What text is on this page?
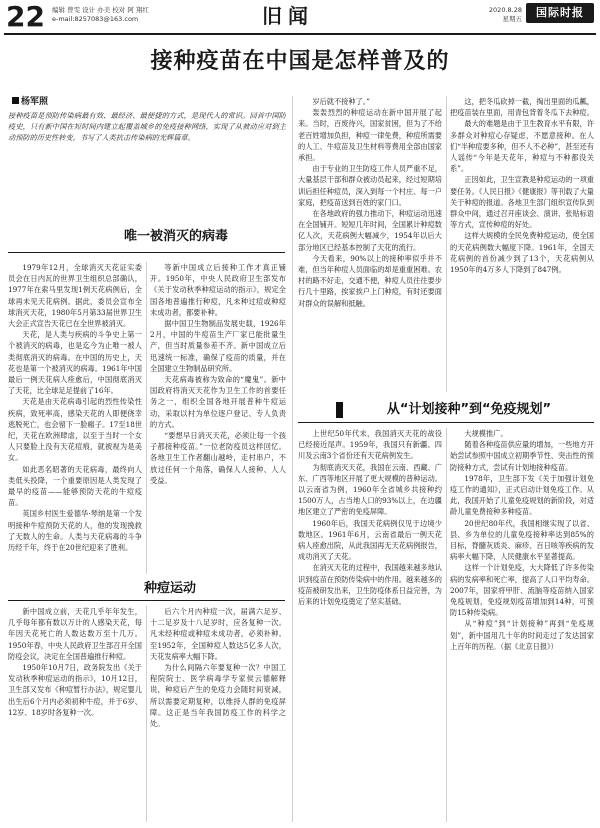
22 编辑 曾雯 设计 办美 校对 阿 翔红
e-mail:8257083@163.com	旧闻	2020.8.28
星期五	国际时报
接种疫苗在中国是怎样普及的
杨军照
接种疫苗是预防传染病最有效、最经济、最便捷的方式，是现代人的常识。回首中国防疫史，只有新中国在短时间内建立起覆盖城乡的免疫接种网络，实现了从被动应对到主动预防的历史性转变，书写了人类抗击传染病的光辉篇章。
唯一被消灭的病毒

1979年12月，全球消灭天花证实委员会在日内瓦的世界卫生组织总部确认，1977年在索马里发现1例天花病例后，全球再未见天花病例。据此，委员会宣布全球消灭天花，1980年5月第33届世界卫生大会正式宣告天花已在全世界被消灭。

天花，是人类与疾病的斗争史上第一个被消灭的病毒，也是迄今为止唯一被人类彻底消灭的病毒。在中国的历史上，天花也是第一个被消灭的病毒。1961年中国最后一例天花病人痊愈后，中国彻底消灭了天花，比全球足足提前了16年。

天花是由天花病毒引起的烈性传染性疾病，致死率高，感染天花的人即便侥幸逃脱死亡，也会留下一脸瘢子。17至18世纪，天花在欧洲肆虐，以至于当时一个女人只要脸上没有天花痘痕，就被视为是美女。

如此恶名昭著的天花病毒，最终向人类低头投降，一个重要原因是人类发现了最早的疫苗——能够预防天花的牛痘疫苗。

英国乡村医生爱德华·琴纳是第一个发明接种牛痘预防天花的人，他的发现挽救了无数人的生命。人类与天花病毒的斗争历经千年，终于在20世纪迎来了胜利。

等新中国成立后接种工作才真正铺开。1950年，中央人民政府卫生部发布《关于发动秋季种痘运动的指示》，规定全国各地普遍推行种痘，凡未种过痘或种痘未成功者，都要补种。

据中国卫生物制品发展史载，1926年2月，中国的牛痘苗生产厂家已能批量生产，但当时质量参差不齐。新中国成立后迅速统一标准，确保了疫苗的质量，并在全国建立生物制品研究所。

天花病毒被称为致命的“魔鬼”。新中国政府将消灭天花作为卫生工作的首要任务之一，组织全国各地开展普种牛痘运动，采取以村为单位逐户登记、专人负责的方式。

“要想早日消灭天花，必须让每一个孩子都接种疫苗。”一位老防疫员这样回忆。各地卫生工作者翻山越岭，走村串户，不放过任何一个角落，确保人人接种、人人受益。

种痘运动

新中国成立前，天花几乎年年发生，几乎每年都有数以万计的人感染天花，每年因天花死亡的人数达数万至十几万。1950年春，中央人民政府卫生部召开全国防疫会议，决定在全国普遍推行种痘。

1950年10月7日，政务院发出《关于发动秋季种痘运动的指示》，10月12日，卫生部又发布《种痘暂行办法》，规定婴儿出生后6个月内必须初种牛痘，并于6岁、12岁、18岁时各复种一次。

后六个月内种痘一次，届满六足岁、十二足岁及十八足岁时，应各复种一次。凡未经种痘或种痘未成功者，必须补种。至1952年，全国种痘人数达5亿多人次，天花发病率大幅下降。

为什么间隔六年要复种一次？中国工程院院士、医学病毒学专家侯云德解释说，种痘后产生的免疫力会随时间衰减，所以需要定期复种，以维持人群的免疫屏障。这正是当年我国防疫工作的科学之处。

岁后就不接种了。”

轰轰烈烈的种痘运动在新中国开展了起来。当时，百废待兴，国家贫困，但为了不给老百姓增加负担，种痘一律免费，种痘所需要的人工、牛痘苗及卫生材料等费用全部由国家承担。

由于专业的卫生防疫工作人员严重不足，大量基层干部和群众被动员起来，经过短期培训后担任种痘员，深入到每一个村庄、每一户家庭，把疫苗送到百姓的家门口。

在各地政府的强力推动下，种痘运动迅速在全国铺开。短短几年时间，全国累计种痘数亿人次，天花病例大幅减少，1954年以后大部分地区已经基本控制了天花的流行。

今天看来，90%以上的接种率似乎并不难，但当年种痘人员面临的却是重重困难。农村的路不好走，交通不便，种痘人员往往要步行几十里路，挨家挨户上门种痘，有时还要面对群众的误解和抵触。

这，把冬瓜砍掉一截，掏出里面的瓜瓤，把疫苗装在里面，用青包背着冬瓜下去种痘。

最大的难题是由于卫生教育水平有限，许多群众对种痘心存疑虑，不愿意接种。在人们“半种痘要多种，但不人不必种”，甚至还有人谣传“今年是天花年，种痘与不种都没关系”。

正因如此，卫生宣教是种痘运动的一项重要任务。《人民日报》《健康报》等刊载了大量关于种痘的报道。各地卫生部门组织宣传队到群众中间，通过召开座谈会、演讲、张贴标语等方式，宣传种痘的好处。

这样大规模的全民免费种痘运动，使全国的天花病例数大幅度下降。1961年，全国天花病例的首份减少到了13个，天花病例从1950年的4万多人下降到了847例。

从“计划接种”到“免疫规划”

上世纪50年代末，我国消灭天花的战役已经接近尾声。1959年，我国只有新疆、四川及云南3个省份还有天花病例发生。

为彻底消灭天花，我国在云南、西藏、广东、广西等地区开展了更大规模的普种运动。以云南省为例，1960年全省城乡共接种约1500万人，占当地人口的93%以上，在边疆地区建立了严密的免疫屏障。

1960年后，我国天花病例仅见于边境少数地区。1961年6月，云南省最后一例天花病人痊愈出院，从此我国再无天花病例报告，成功消灭了天花。

在消灭天花的过程中，我国越来越多地认识到疫苗在预防传染病中的作用。越来越多的疫苗被研发出来，卫生防疫体系日益完善，为后来的计划免疫奠定了坚实基础。

大规模推广。

随着各种疫苗供应量的增加，一些地方开始尝试参照中国成立初期季节性、突击性的预防接种方式，尝试有计划地接种疫苗。

1978年，卫生部下发《关于加强计划免疫工作的通知》，正式启动计划免疫工作。从此，我国开始了儿童免疫规划的新阶段，对适龄儿童免费接种多种疫苗。

20世纪80年代，我国相继实现了以省、县、乡为单位的儿童免疫接种率达到85%的目标，脊髓灰质炎、麻疹、百日咳等疾病的发病率大幅下降，人民健康水平显著提高。

这样一个计划免疫，大大降低了许多传染病的发病率和死亡率，提高了人口平均寿命。2007年，国家将甲肝、流脑等疫苗纳入国家免疫规划，免疫规划疫苗增加到14种，可预防15种传染病。

从“种痘”到“计划接种”再到“免疫规划”，新中国用几十年的时间走过了发达国家上百年的历程。（据《北京日报》）
